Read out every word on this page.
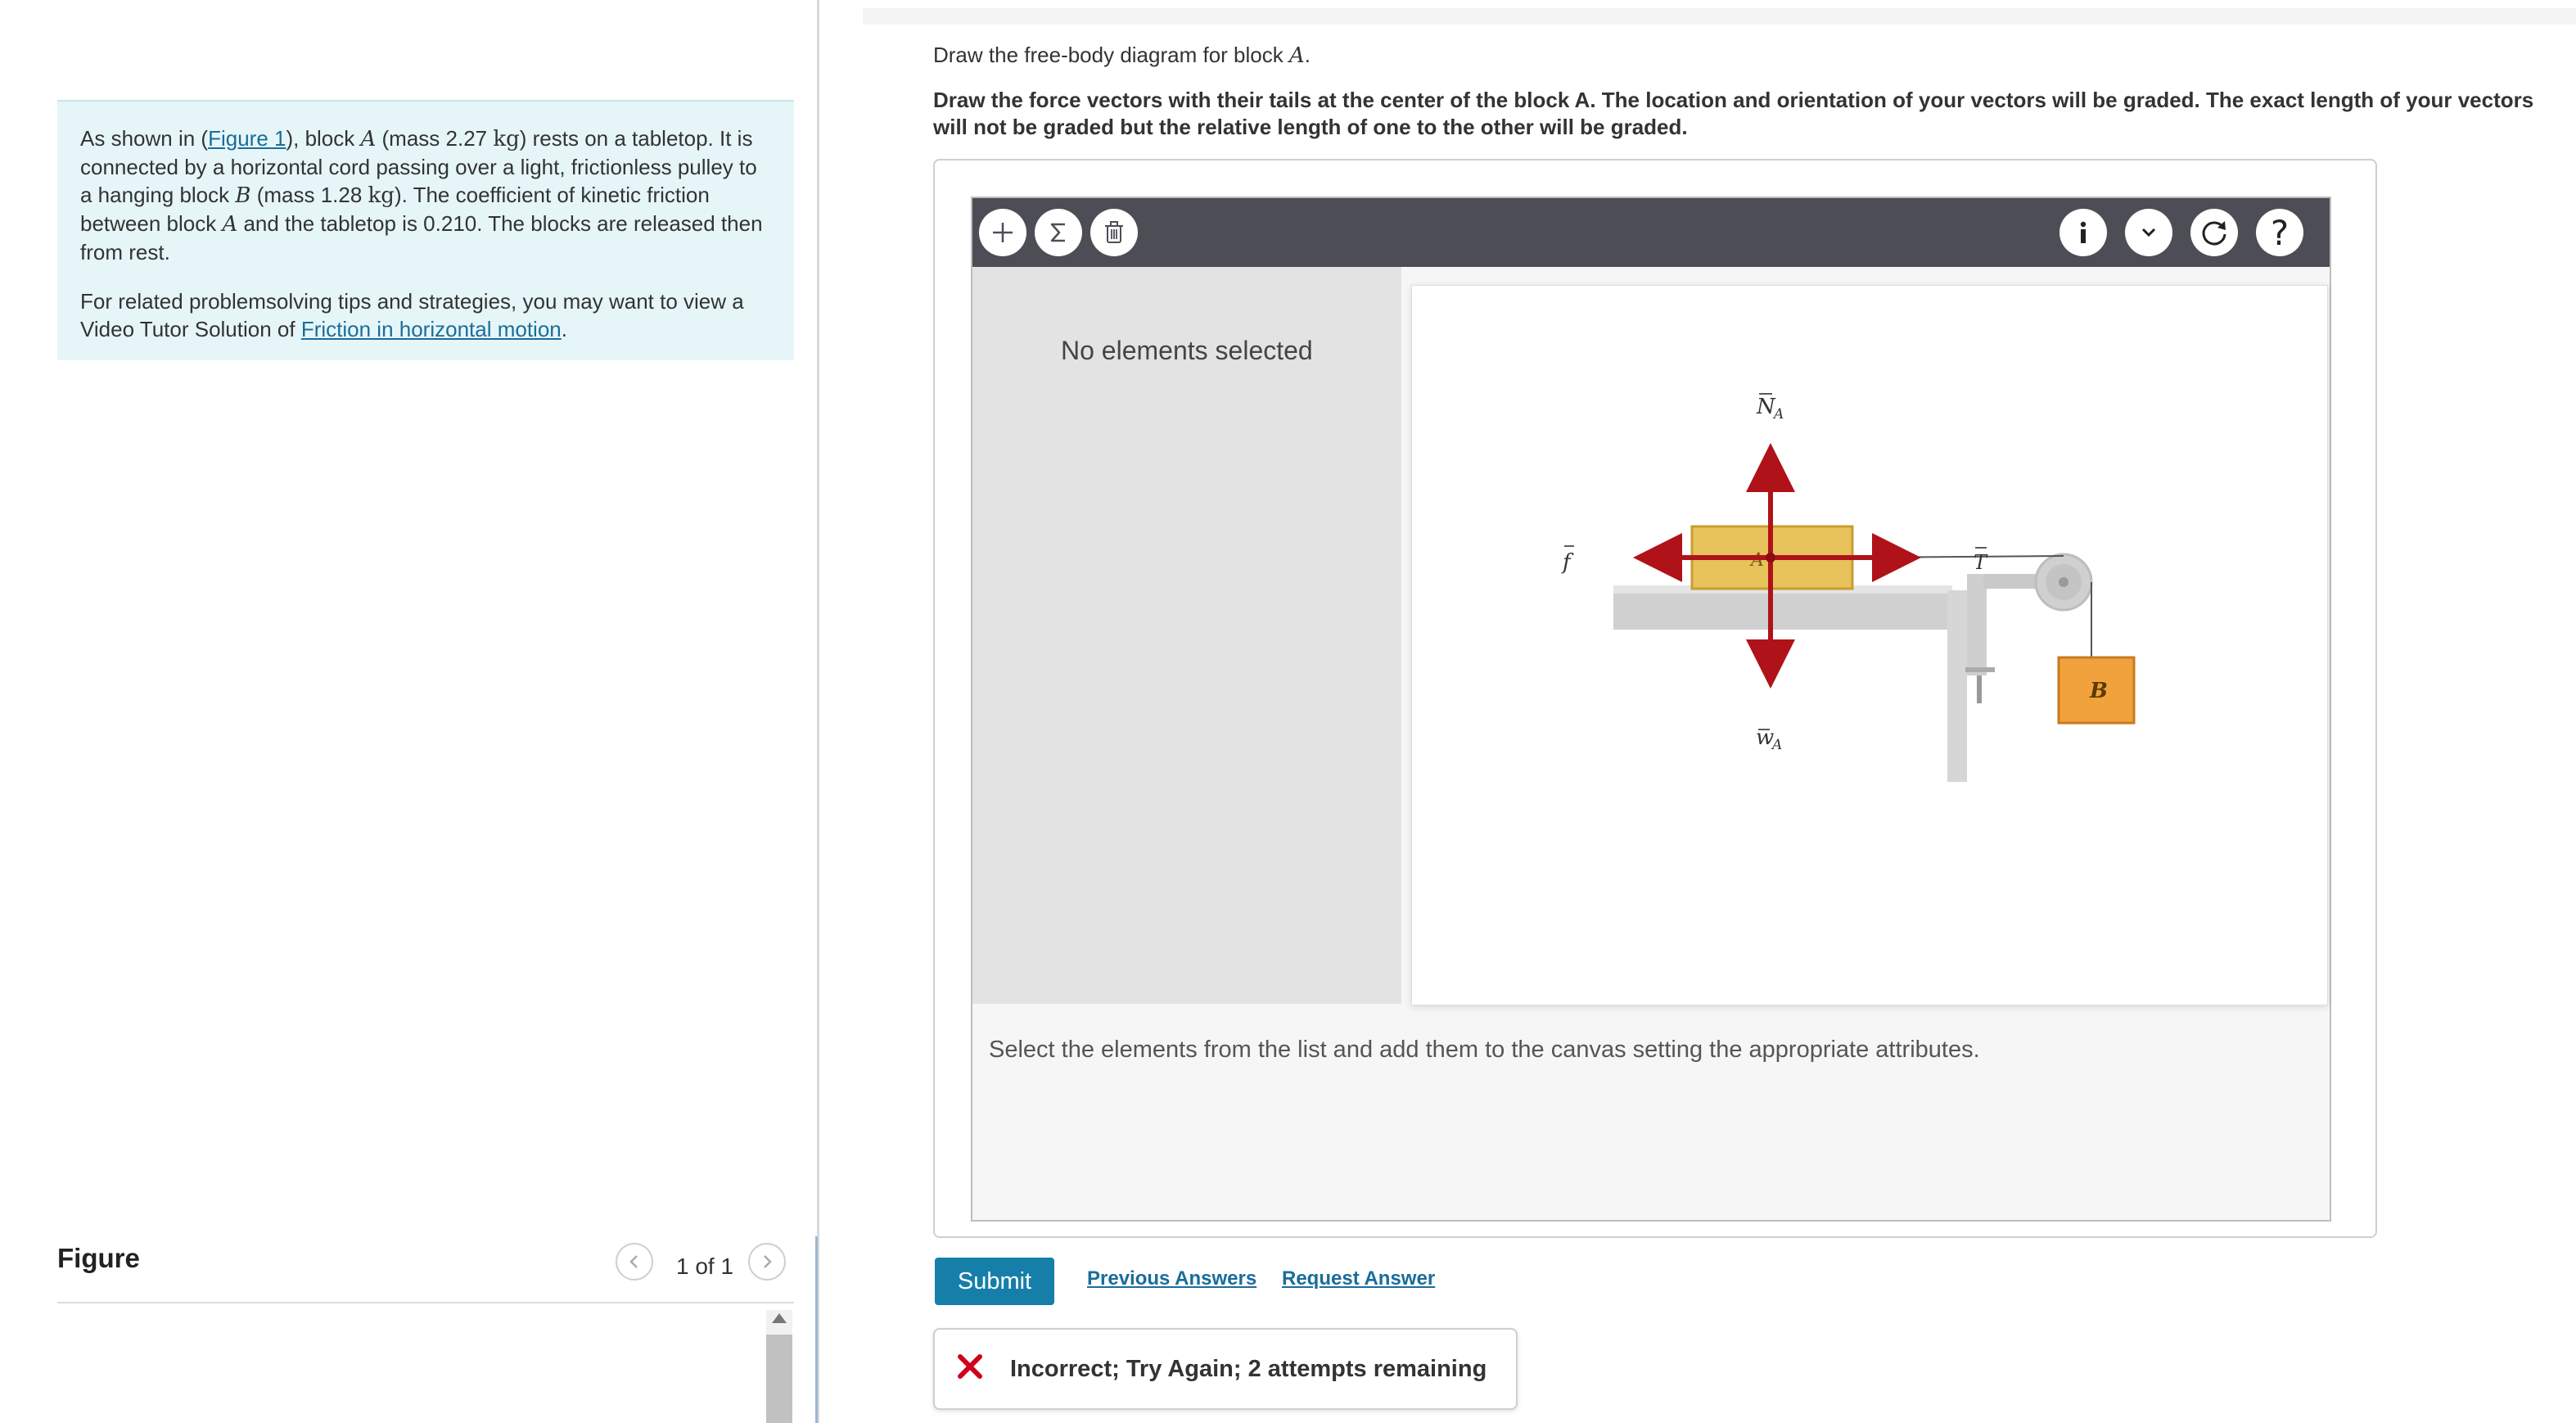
As shown in (Figure 1), block A (mass 2.27 kg) rests on a tabletop. It is connected by a horizontal cord passing over a light, frictionless pulley to a hanging block B (mass 1.28 kg). The coefficient of kinetic friction between block A and the tabletop is 0.210. The blocks are released then from rest.

For related problemsolving tips and strategies, you may want to view a Video Tutor Solution of Friction in horizontal motion.

Figure	1 of 1
Draw the free-body diagram for block A.
Draw the force vectors with their tails at the center of the block A. The location and orientation of your vectors will be graded. The exact length of your vectors will not be graded but the relative length of one to the other will be graded.
?
No elements selected
A
B
N
A
w
A
f	T
Select the elements from the list and add them to the canvas setting the appropriate attributes.
Submit	Previous Answers Request Answer
Incorrect; Try Again; 2 attempts remaining
